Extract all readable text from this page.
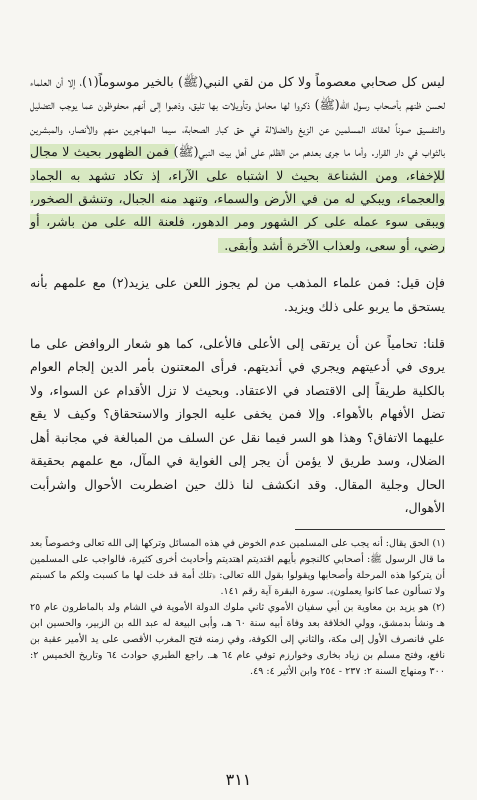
ليس كل صحابي معصوماً ولا كل من لقي النبي(ﷺ) بالخير موسوماً(١)، إلا أن العلماء لحسن ظنهم بأصحاب رسول الله(ﷺ) ذكروا لها محامل وتأويلات بها تليق، وذهبوا إلى أنهم محفوظون عما يوجب التضليل والتفسيق صوناً لعقائد المسلمين عن الزيغ والضلالة في حق كبار الصحابة، سيما المهاجرين منهم والأنصار، والمبشرين بالثواب في دار القرار. وأما ما جرى بعدهم من الظلم على أهل بيت النبي(ﷺ) فمن الظهور بحيث لا مجال للإخفاء، ومن الشناعة بحيث لا اشتباه على الآراء، إذ تكاد تشهد به الجماد والعجماء، ويبكي له من في الأرض والسماء، وتنهد منه الجبال، وتنشق الصخور، ويبقى سوء عمله على كر الشهور ومر الدهور، فلعنة الله على من باشر، أو رضي، أو سعى، ولعذاب الآخرة أشد وأبقى.

فإن قيل: فمن علماء المذهب من لم يجوز اللعن على يزيد(٢) مع علمهم بأنه يستحق ما يربو على ذلك ويزيد.

قلنا: تحامياً عن أن يرتقى إلى الأعلى فالأعلى، كما هو شعار الروافض على ما يروى في أدعيتهم ويجري في أنديتهم. فرأى المعتنون بأمر الدين إلجام العوام بالكلية طريقاً إلى الاقتصاد في الاعتقاد. وبحيث لا تزل الأقدام عن السواء، ولا تضل الأفهام بالأهواء. وإلا فمن يخفى عليه الجواز والاستحقاق؟ وكيف لا يقع عليهما الاتفاق؟ وهذا هو السر فيما نقل عن السلف من المبالغة في مجانبة أهل الضلال، وسد طريق لا يؤمن أن يجر إلى الغواية في المآل، مع علمهم بحقيقة الحال وجلية المقال. وقد انكشف لنا ذلك حين اضطربت الأحوال واشرأبت الأهوال،

(١) الحق يقال: أنه يجب على المسلمين عدم الخوض في هذه المسائل وتركها إلى الله تعالى وخصوصاً بعد ما قال الرسول ﷺ: أصحابي كالنجوم بأيهم اقتديتم اهتديتم وأحاديث أخرى كثيرة، فالواجب على المسلمين أن يتركوا هذه المرحلة وأصحابها ويقولوا بقول الله تعالى: ﴿تلك أمة قد خلت لها ما كسبت ولكم ما كسبتم ولا تسألون عما كانوا يعملون﴾. سورة البقرة آية رقم ١٤١.

(٢) هو يزيد بن معاوية بن أبي سفيان الأموي ثاني ملوك الدولة الأموية في الشام ولد بالماطرون عام ٢٥ هـ ونشأ بدمشق، وولي الخلافة بعد وفاة أبيه سنة ٦٠ هـ، وأبى البيعة له عبد الله بن الزبير، والحسين ابن علي فانصرف الأول إلى مكة، والثاني إلى الكوفة، وفي زمنه فتح المغرب الأقصى على يد الأمير عقبة بن نافع، وفتح مسلم بن زياد بخارى وخوارزم توفي عام ٦٤ هـ. راجع الطبري حوادث ٦٤ وتاريخ الخميس ٢: ٣٠٠ ومنهاج السنة ٢: ٢٣٧ - ٢٥٤ وابن الأثير ٤: ٤٩.

٣١١
